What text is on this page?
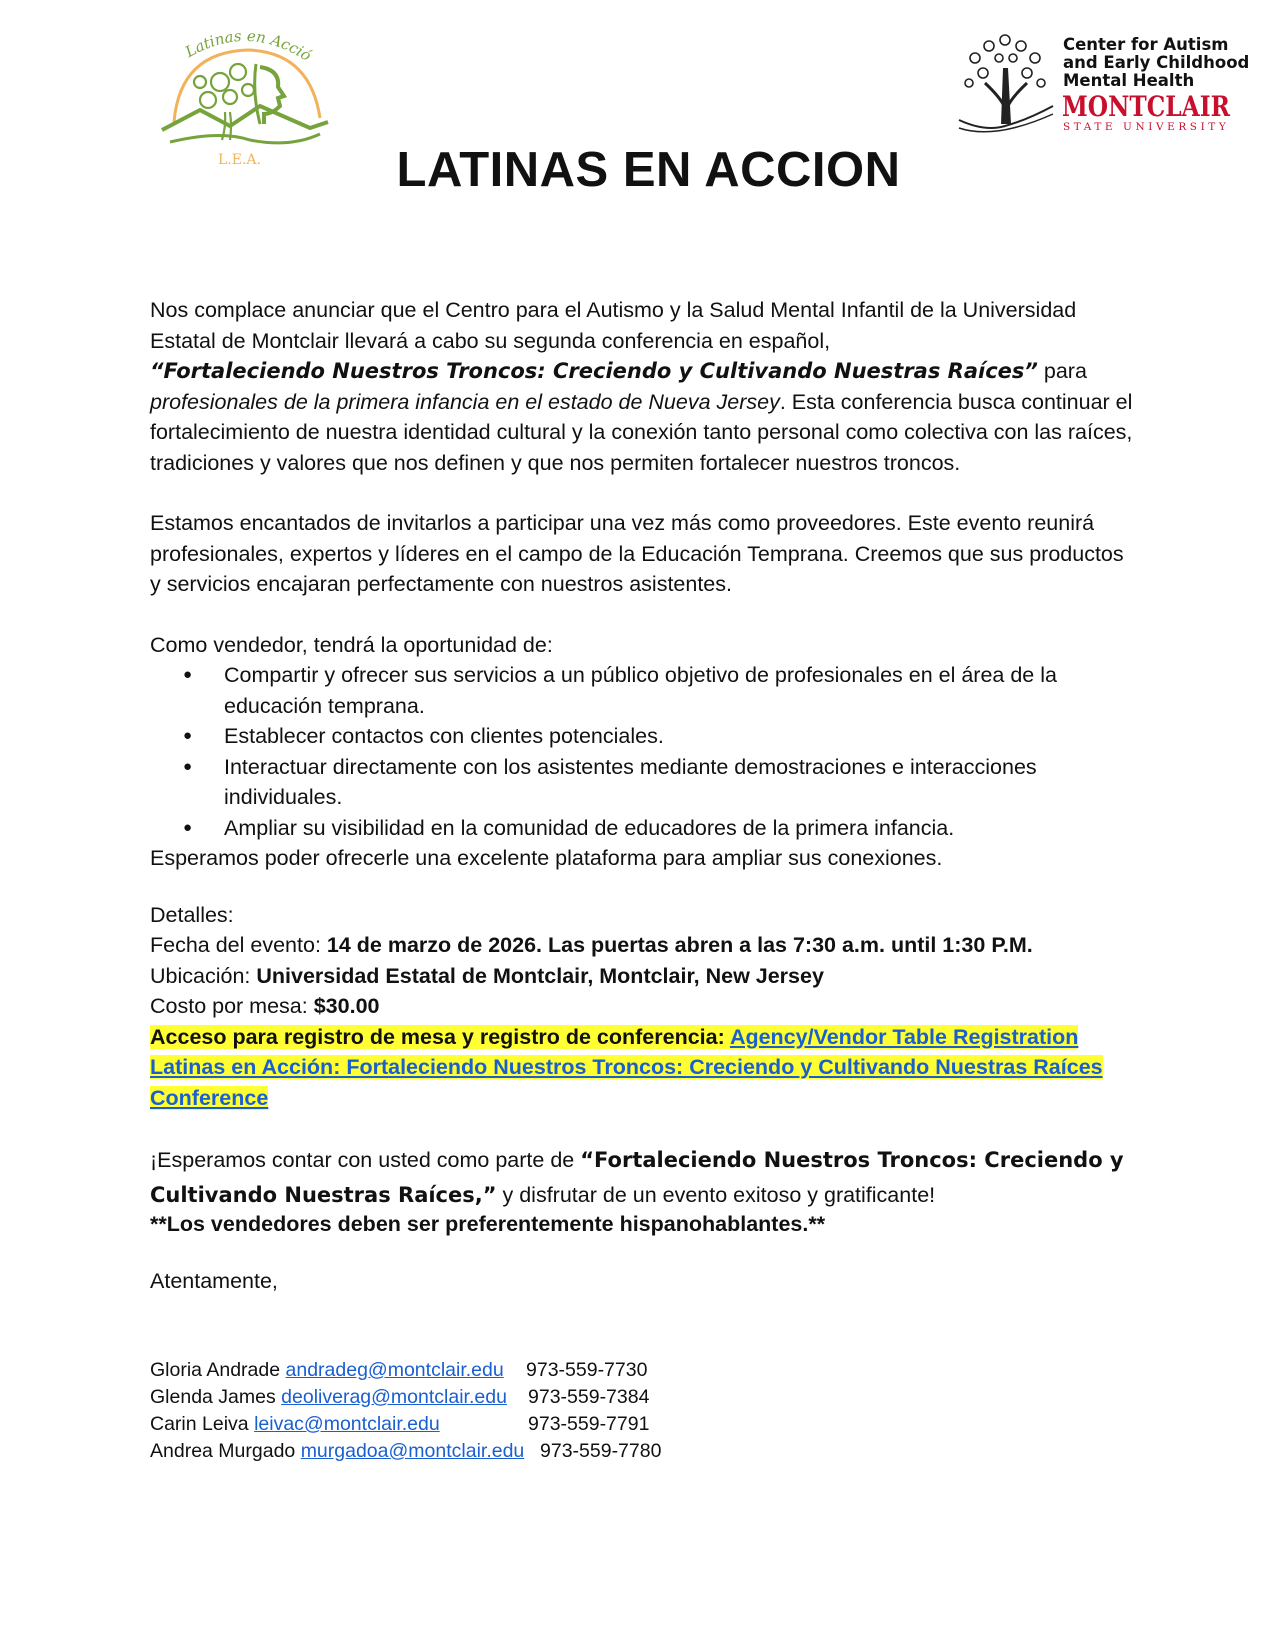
Latinas en Acció
L.E.A.
Center for Autism
and Early Childhood
Mental Health
MONTCLAIR
STATE UNIVERSITY
LATINAS EN ACCION

Nos complace anunciar que el Centro para el Autismo y la Salud Mental Infantil de la Universidad Estatal de Montclair llevará a cabo su segunda conferencia en español,
“Fortaleciendo Nuestros Troncos: Creciendo y Cultivando Nuestras Raíces” para
profesionales de la primera infancia en el estado de Nueva Jersey. Esta conferencia busca continuar el fortalecimiento de nuestra identidad cultural y la conexión tanto personal como colectiva con las raíces, tradiciones y valores que nos definen y que nos permiten fortalecer nuestros troncos.

Estamos encantados de invitarlos a participar una vez más como proveedores. Este evento reunirá profesionales, expertos y líderes en el campo de la Educación Temprana. Creemos que sus productos y servicios encajaran perfectamente con nuestros asistentes.

Como vendedor, tendrá la oportunidad de:

● Compartir y ofrecer sus servicios a un público objetivo de profesionales en el área de la educación temprana.
● Establecer contactos con clientes potenciales.
● Interactuar directamente con los asistentes mediante demostraciones e interacciones individuales.
● Ampliar su visibilidad en la comunidad de educadores de la primera infancia.

Esperamos poder ofrecerle una excelente plataforma para ampliar sus conexiones.

Detalles:

Fecha del evento: 14 de marzo de 2026. Las puertas abren a las 7:30 a.m. until 1:30 P.M.

Ubicación: Universidad Estatal de Montclair, Montclair, New Jersey

Costo por mesa: $30.00

Acceso para registro de mesa y registro de conferencia: Agency/Vendor Table Registration Latinas en Acción: Fortaleciendo Nuestros Troncos: Creciendo y Cultivando Nuestras Raíces Conference

¡Esperamos contar con usted como parte de “Fortaleciendo Nuestros Troncos: Creciendo y Cultivando Nuestras Raíces,” y disfrutar de un evento exitoso y gratificante!

**Los vendedores deben ser preferentemente hispanohablantes.**

Atentamente,

Gloria Andrade andradeg@montclair.edu 973-559-7730
Glenda James deoliverag@montclair.edu 973-559-7384
Carin Leiva leivac@montclair.edu	973-559-7791
Andrea Murgado murgadoa@montclair.edu 973-559-7780
